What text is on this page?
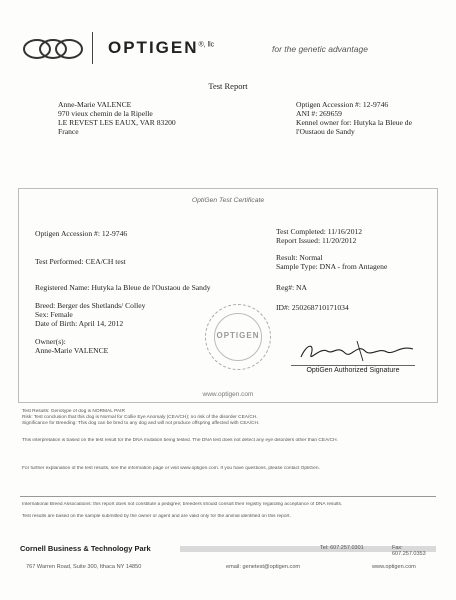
$OPTIGEN^{®, llc}$	for the genetic advantage
Test Report
Anne-Marie VALENCE
970 vieux chemin de la Ripelle
LE REVEST LES EAUX, VAR 83200
France
Optigen Accession #: 12-9746
ANI #: 269659
Kennel owner for: Hutyka la Bleue de
l'Oustaou de Sandy
OptiGen Test Certificate
Optigen Accession #: 12-9746	Test Completed: 11/16/2012
Report Issued: 11/20/2012
Test Performed: CEA/CH test	Result: Normal
Sample Type: DNA - from Antagene
Registered Name: Hutyka la Bleue de l'Oustaou de Sandy	Reg#: NA
Breed: Berger des Shetlands/ Colley	ID#: 250268710171034
Sex: Female
Date of Birth: April 14, 2012
Owner(s):
Anne-Marie VALENCE
OPTIGEN
OptiGen Authorized Signature
www.optigen.com
Test Results: Genotype of dog is NORMAL PAIR
Risk: Test conclusion that this dog is Normal for Collie Eye Anomaly (CEA/CH); no risk of the disorder CEA/CH.
Significance for Breeding: This dog can be bred to any dog and will not produce offspring affected with CEA/CH.
This interpretation is based on the test result for the DNA mutation being tested. The DNA test does not detect any eye disorders other than CEA/CH.
For further explanation of the test results, see the information page or visit www.optigen.com. If you have questions, please contact OptiGen.
International Breed Associations: this report does not constitute a pedigree; breeders should consult their registry regarding acceptance of DNA results.
Test results are based on the sample submitted by the owner or agent and are valid only for the animal identified on this report.
Cornell Business & Technology Park	Tel: 607.257.0301	Fax: 607.257.0353
767 Warren Road, Suite 300, Ithaca NY 14850	email: genetest@optigen.com	www.optigen.com
